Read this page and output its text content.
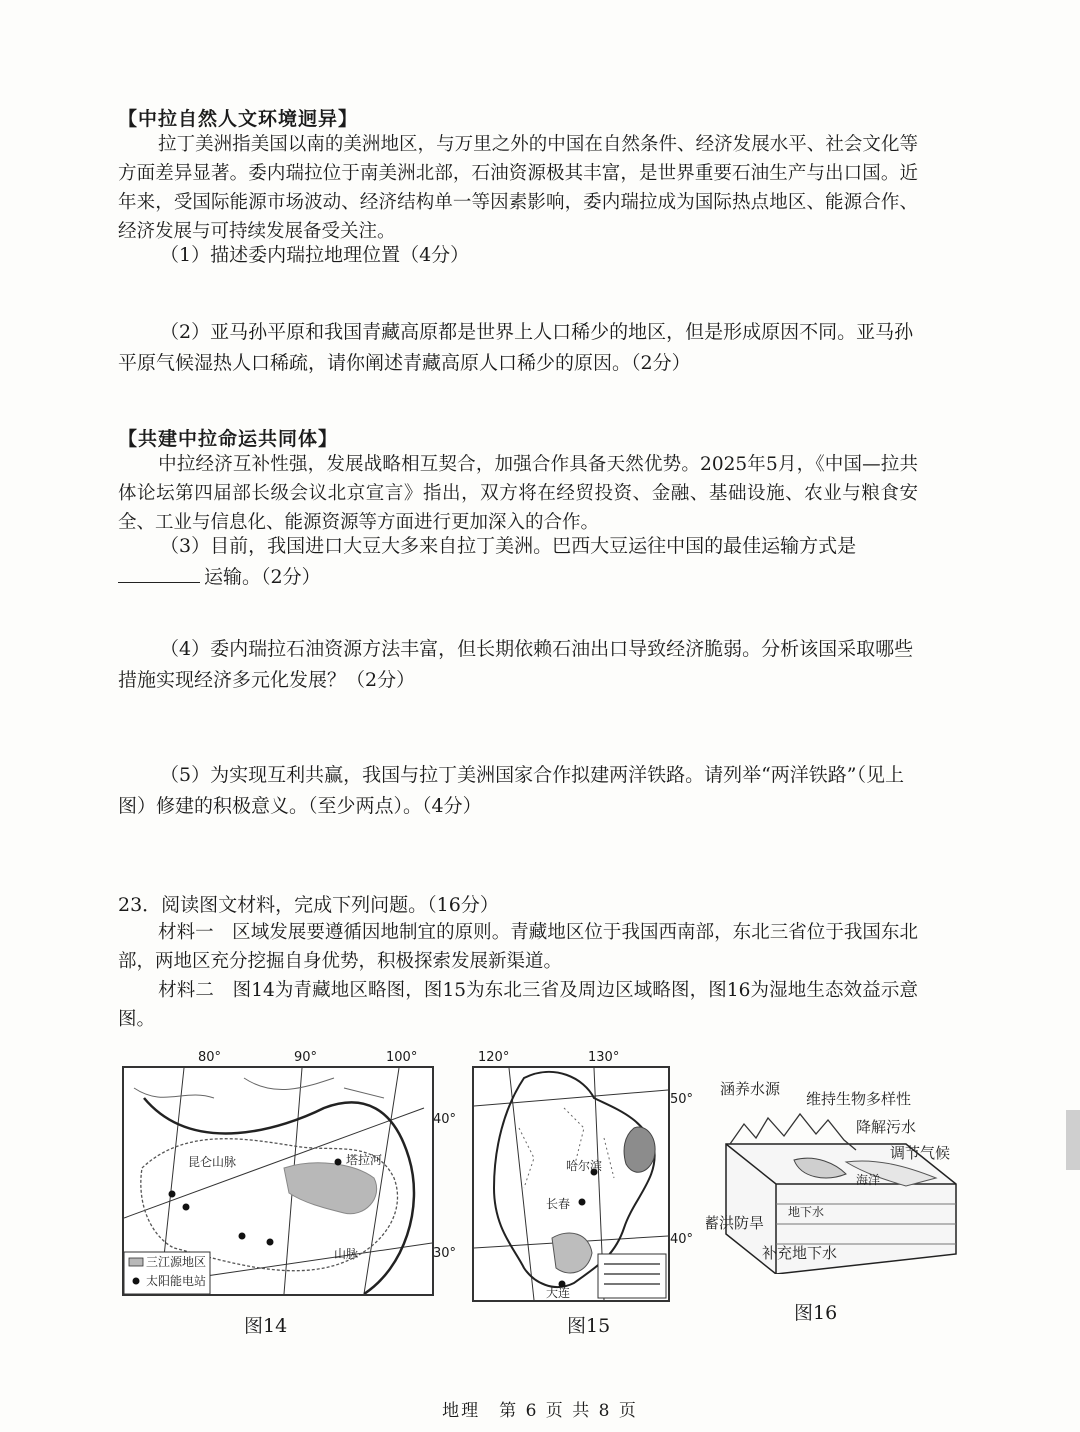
【中拉自然人文环境迥异】
拉丁美洲指美国以南的美洲地区，与万里之外的中国在自然条件、经济发展水平、社会文化等方面差异显著。委内瑞拉位于南美洲北部，石油资源极其丰富，是世界重要石油生产与出口国。近年来，受国际能源市场波动、经济结构单一等因素影响，委内瑞拉成为国际热点地区、能源合作、经济发展与可持续发展备受关注。
（1）描述委内瑞拉地理位置（4分）
（2）亚马孙平原和我国青藏高原都是世界上人口稀少的地区，但是形成原因不同。亚马孙平原气候湿热人口稀疏，请你阐述青藏高原人口稀少的原因。（2分）
【共建中拉命运共同体】
中拉经济互补性强，发展战略相互契合，加强合作具备天然优势。2025年5月，《中国—拉共体论坛第四届部长级会议北京宣言》指出，双方将在经贸投资、金融、基础设施、农业与粮食安全、工业与信息化、能源资源等方面进行更加深入的合作。
（3）目前，我国进口大豆大多来自拉丁美洲。巴西大豆运往中国的最佳运输方式是运输。（2分）
（4）委内瑞拉石油资源方法丰富，但长期依赖石油出口导致经济脆弱。分析该国采取哪些措施实现经济多元化发展？（2分）
（5）为实现互利共赢，我国与拉丁美洲国家合作拟建两洋铁路。请列举“两洋铁路”（见上图）修建的积极意义。（至少两点）。（4分）
23．阅读图文材料，完成下列问题。（16分）
材料一　区域发展要遵循因地制宜的原则。青藏地区位于我国西南部，东北三省位于我国东北部，两地区充分挖掘自身优势，积极探索发展新渠道。
材料二　图14为青藏地区略图，图15为东北三省及周边区域略图，图16为湿地生态效益示意图。
80°	90°	100°
塔拉河
昆仑山脉
山脉
三江源地区
太阳能电站
40°
30°
图14
120°	130°
哈尔滨
长春
大连
50°
40°
图15
涵养水源
维持生物多样性
降解污水
调节气候
蓄洪防旱
补充地下水
海洋
地下水
图16
地理　第 6 页 共 8 页
